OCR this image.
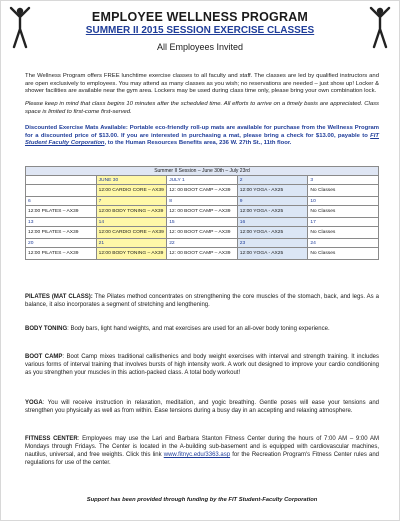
EMPLOYEE WELLNESS PROGRAM
SUMMER II 2015 SESSION EXERCISE CLASSES
All Employees Invited

The Wellness Program offers FREE lunchtime exercise classes to all faculty and staff. The classes are led by qualified instructors and are open exclusively to employees. You may attend as many classes as you wish; no reservations are needed – just show up! Locker & shower facilities are available near the gym area. Lockers may be used during class time only, please bring your own combination lock.

Please keep in mind that class begins 10 minutes after the scheduled time. All efforts to arrive on a timely basis are appreciated. Class space is limited to first-come first-served.

Discounted Exercise Mats Available: Portable eco-friendly roll-up mats are available for purchase from the Wellness Program for a discounted price of $13.00. If you are interested in purchasing a mat, please bring a check for $13.00, payable to FIT Student Faculty Corporation, to the Human Resources Benefits area, 236 W. 27th St., 11th floor.

Summer II Session – June 30th – July 23rd				
	JUNE 30	JULY 1	2	3
	12:00 CARDIO CORE – AX39	12: 00 BOOT CAMP – AX39	12:00 YOGA - AX25	No Classes
6	7	8	9	10
12:00 PILATES – AX39	12:00 BODY TONING – AX39	12: 00 BOOT CAMP – AX39	12:00 YOGA - AX25	No Classes
13	14	15	16	17
12:00 PILATES – AX39	12:00 CARDIO CORE – AX39	12: 00 BOOT CAMP – AX39	12:00 YOGA - AX25	No Classes
20	21	22	23	24
12:00 PILATES – AX39	12:00 BODY TONING – AX39	12: 00 BOOT CAMP – AX39	12:00 YOGA - AX25	No Classes

PILATES (MAT CLASS): The Pilates method concentrates on strengthening the core muscles of the stomach, back, and legs. As a balance, it also incorporates a segment of stretching and lengthening.

BODY TONING: Body bars, light hand weights, and mat exercises are used for an all-over body toning experience.

BOOT CAMP: Boot Camp mixes traditional callisthenics and body weight exercises with interval and strength training. It includes various forms of interval training that involves bursts of high intensity work. A work out designed to improve your cardio conditioning as you strengthen your muscles in this action-packed class. A total body workout!

YOGA: You will receive instruction in relaxation, meditation, and yogic breathing. Gentle poses will ease your tensions and strengthen you physically as well as from within. Ease tensions during a busy day in an accepting and relaxing atmosphere.

FITNESS CENTER: Employees may use the Lari and Barbara Stanton Fitness Center during the hours of 7:00 AM – 9:00 AM Mondays through Fridays. The Center is located in the A-building sub-basement and is equipped with cardiovascular machines, nautilus, universal, and free weights. Click this link www.fitnyc.edu/3363.asp for the Recreation Program's Fitness Center rules and regulations for use of the center.

Support has been provided through funding by the FIT Student-Faculty Corporation
